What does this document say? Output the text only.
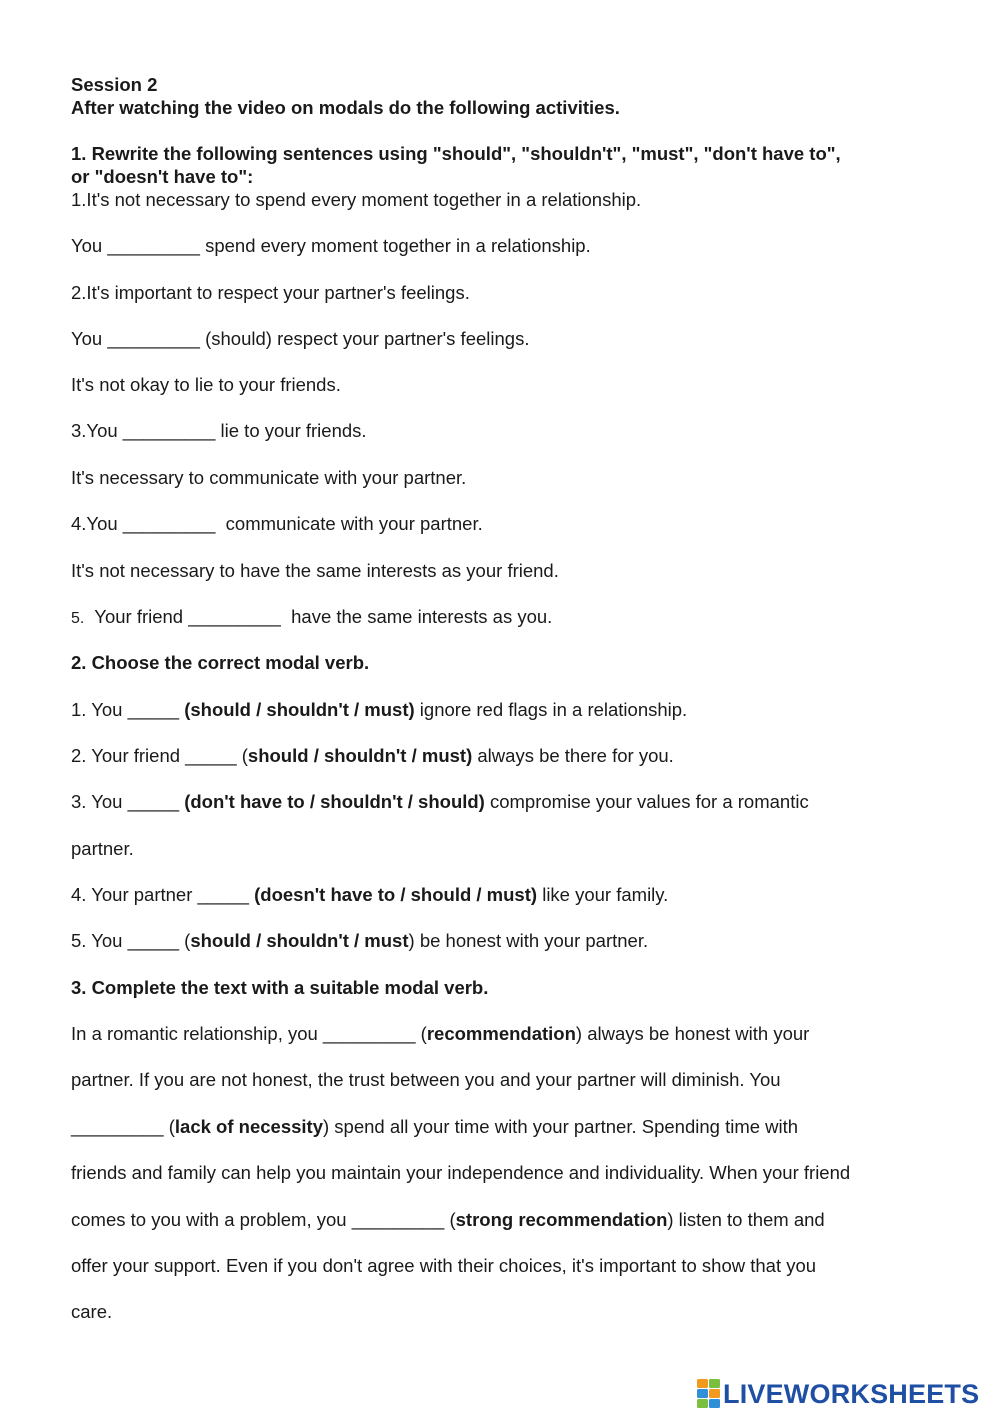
Session 2
After watching the video on modals do the following activities.
1. Rewrite the following sentences using "should", "shouldn't", "must", "don't have to",
or "doesn't have to":
1.It's not necessary to spend every moment together in a relationship.
You _________ spend every moment together in a relationship.
2.It's important to respect your partner's feelings.
You _________ (should) respect your partner's feelings.
It's not okay to lie to your friends.
3.You _________ lie to your friends.
It's necessary to communicate with your partner.
4.You _________  communicate with your partner.
It's not necessary to have the same interests as your friend.
5. Your friend _________  have the same interests as you.
2. Choose the correct modal verb.
1. You _____ (should / shouldn't / must) ignore red flags in a relationship.
2. Your friend _____ (should / shouldn't / must) always be there for you.
3. You _____ (don't have to / shouldn't / should) compromise your values for a romantic
partner.
4. Your partner _____ (doesn't have to / should / must) like your family.
5. You _____ (should / shouldn't / must) be honest with your partner.
3. Complete the text with a suitable modal verb.
In a romantic relationship, you _________ (recommendation) always be honest with your
partner. If you are not honest, the trust between you and your partner will diminish. You
_________ (lack of necessity) spend all your time with your partner. Spending time with
friends and family can help you maintain your independence and individuality. When your friend
comes to you with a problem, you _________ (strong recommendation) listen to them and
offer your support. Even if you don't agree with their choices, it's important to show that you
care.
LIVEWORKSHEETS
